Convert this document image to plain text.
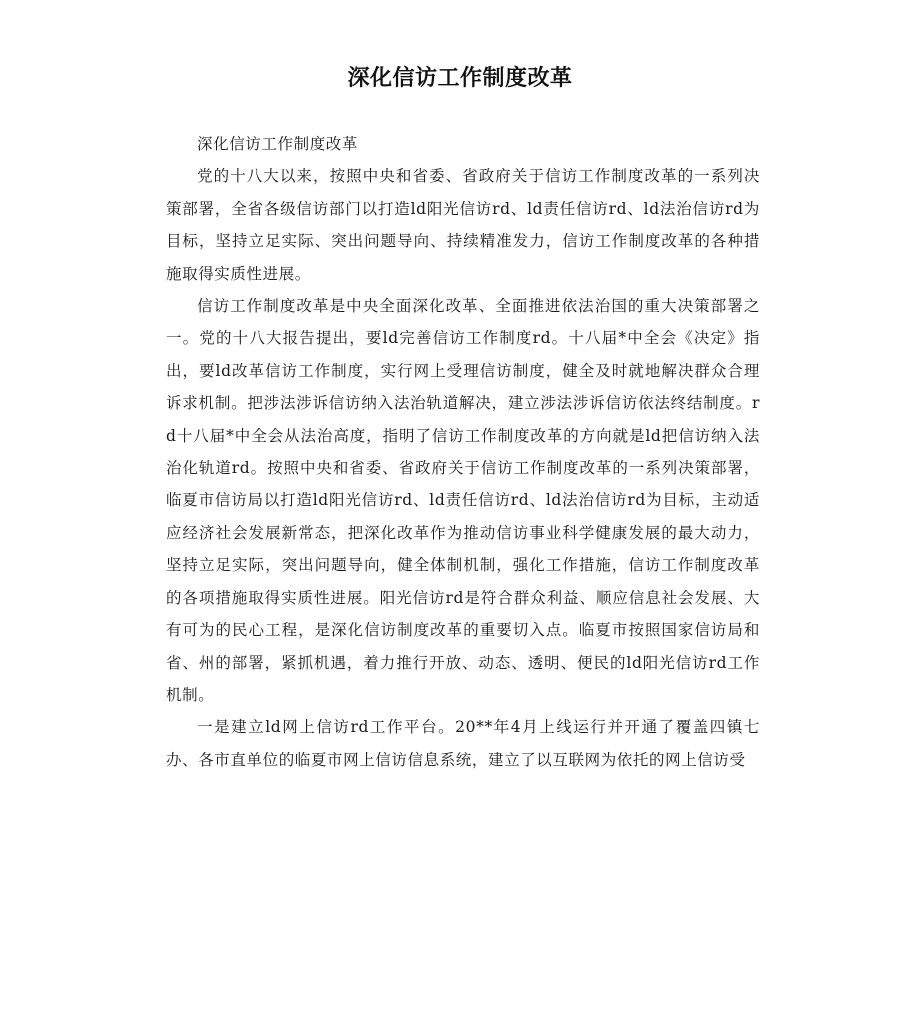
深化信访工作制度改革

深化信访工作制度改革

党的十八大以来，按照中央和省委、省政府关于信访工作制度改革的一系列决策部署，全省各级信访部门以打造ld阳光信访rd、ld责任信访rd、ld法治信访rd为目标，坚持立足实际、突出问题导向、持续精准发力，信访工作制度改革的各种措施取得实质性进展。

信访工作制度改革是中央全面深化改革、全面推进依法治国的重大决策部署之一。党的十八大报告提出，要ld完善信访工作制度rd。十八届*中全会《决定》指出，要ld改革信访工作制度，实行网上受理信访制度，健全及时就地解决群众合理诉求机制。把涉法涉诉信访纳入法治轨道解决，建立涉法涉诉信访依法终结制度。rd十八届*中全会从法治高度，指明了信访工作制度改革的方向就是ld把信访纳入法治化轨道rd。按照中央和省委、省政府关于信访工作制度改革的一系列决策部署，临夏市信访局以打造ld阳光信访rd、ld责任信访rd、ld法治信访rd为目标，主动适应经济社会发展新常态，把深化改革作为推动信访事业科学健康发展的最大动力，坚持立足实际，突出问题导向，健全体制机制，强化工作措施，信访工作制度改革的各项措施取得实质性进展。阳光信访rd是符合群众利益、顺应信息社会发展、大有可为的民心工程，是深化信访制度改革的重要切入点。临夏市按照国家信访局和省、州的部署，紧抓机遇，着力推行开放、动态、透明、便民的ld阳光信访rd工作机制。

一是建立ld网上信访rd工作平台。20**年4月上线运行并开通了覆盖四镇七办、各市直单位的临夏市网上信访信息系统，建立了以互联网为依托的网上信访受
